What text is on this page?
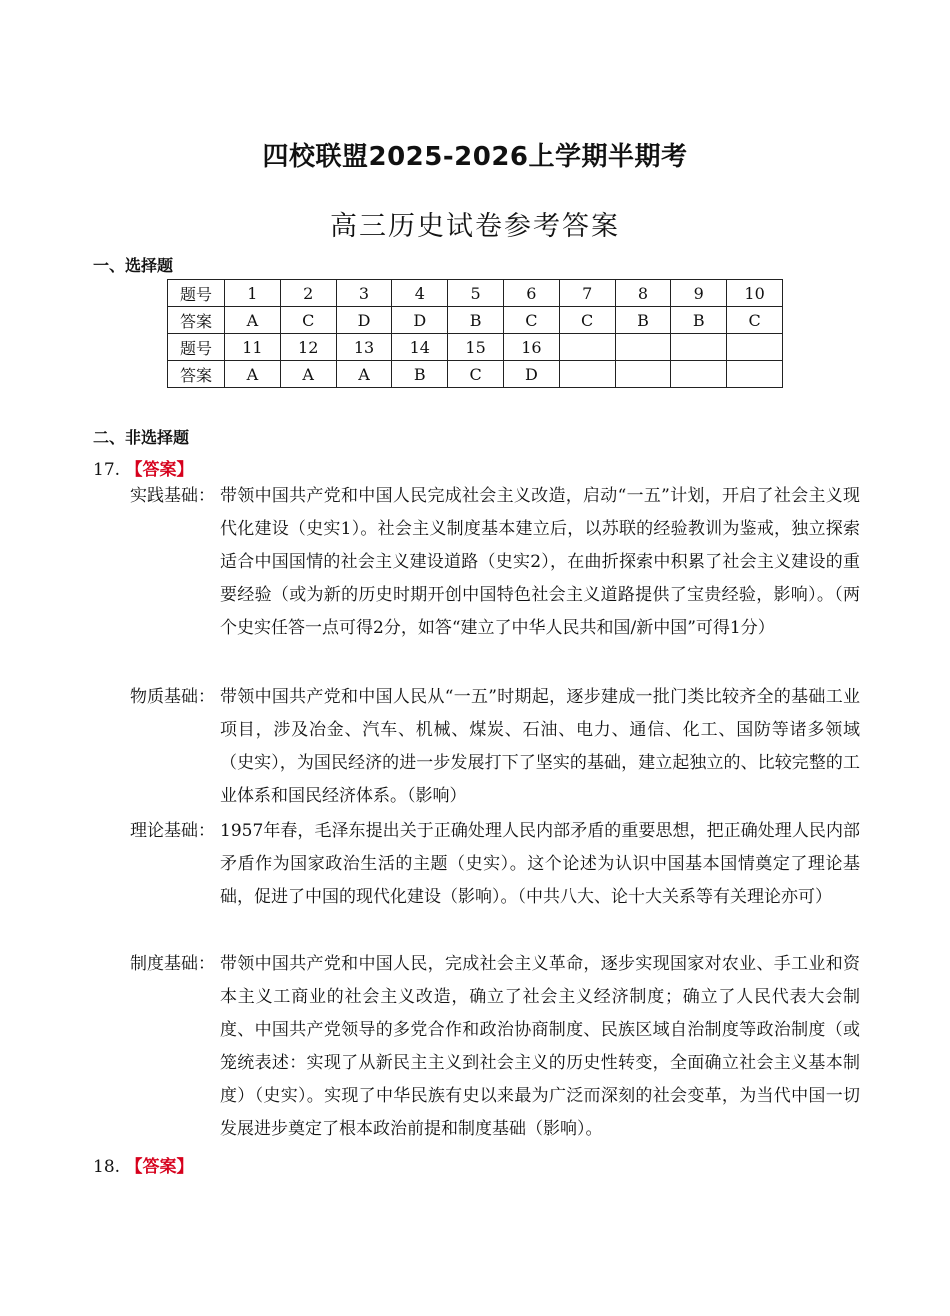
四校联盟2025-2026上学期半期考
高三历史试卷参考答案
一、选择题
题号	1	2	3	4	5	6	7	8	9	10
答案	A	C	D	D	B	C	C	B	B	C
题号	11	12	13	14	15	16				
答案	A	A	A	B	C	D				
二、非选择题
17. 【答案】
实践基础： 带领中国共产党和中国人民完成社会主义改造，启动“一五”计划，开启了社会主义现代化建设（史实1）。社会主义制度基本建立后，以苏联的经验教训为鉴戒，独立探索适合中国国情的社会主义建设道路（史实2），在曲折探索中积累了社会主义建设的重要经验（或为新的历史时期开创中国特色社会主义道路提供了宝贵经验，影响）。（两个史实任答一点可得2分，如答“建立了中华人民共和国/新中国”可得1分）
物质基础： 带领中国共产党和中国人民从“一五”时期起，逐步建成一批门类比较齐全的基础工业项目，涉及冶金、汽车、机械、煤炭、石油、电力、通信、化工、国防等诸多领域（史实），为国民经济的进一步发展打下了坚实的基础，建立起独立的、比较完整的工业体系和国民经济体系。（影响）
理论基础： 1957年春，毛泽东提出关于正确处理人民内部矛盾的重要思想，把正确处理人民内部矛盾作为国家政治生活的主题（史实）。这个论述为认识中国基本国情奠定了理论基础，促进了中国的现代化建设（影响）。（中共八大、论十大关系等有关理论亦可）
制度基础： 带领中国共产党和中国人民，完成社会主义革命，逐步实现国家对农业、手工业和资本主义工商业的社会主义改造，确立了社会主义经济制度；确立了人民代表大会制度、中国共产党领导的多党合作和政治协商制度、民族区域自治制度等政治制度（或笼统表述：实现了从新民主主义到社会主义的历史性转变，全面确立社会主义基本制度）（史实）。实现了中华民族有史以来最为广泛而深刻的社会变革，为当代中国一切发展进步奠定了根本政治前提和制度基础（影响）。
18. 【答案】
